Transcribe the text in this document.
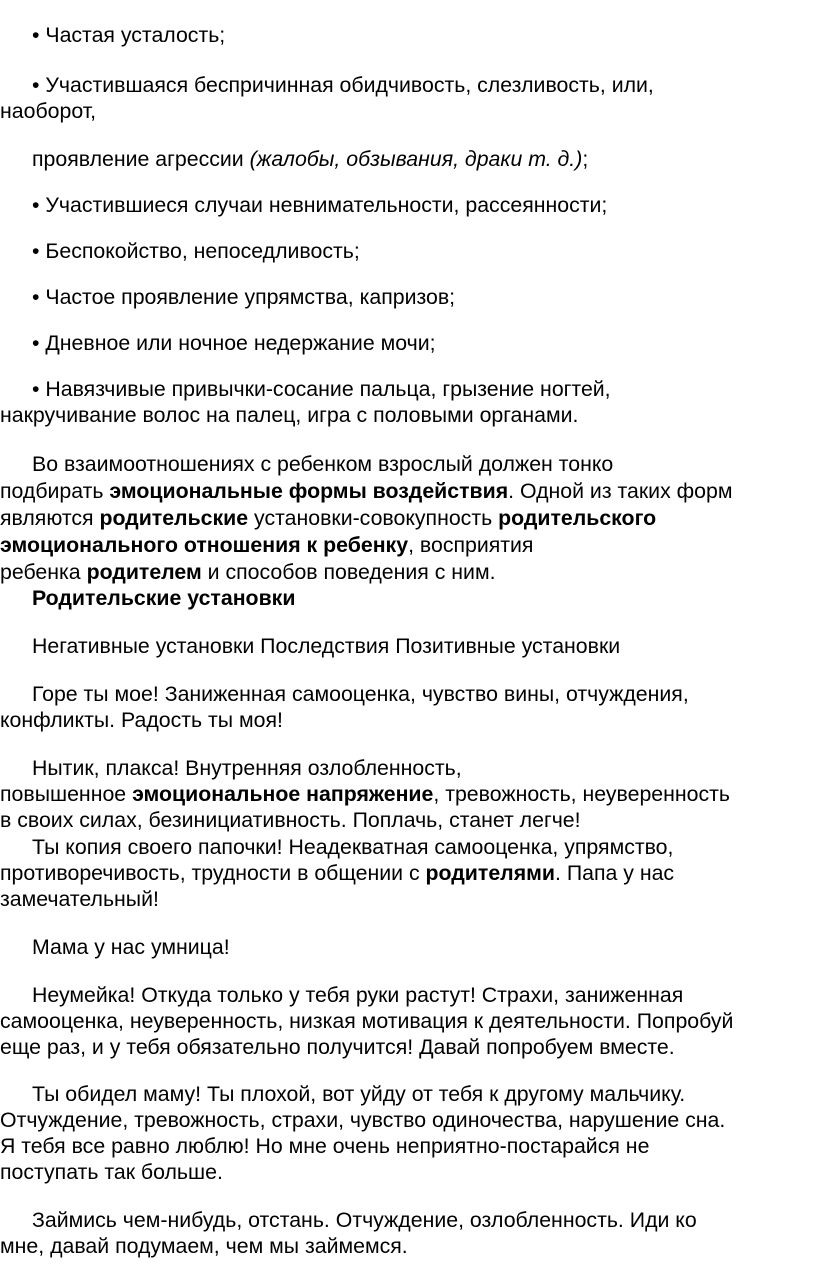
• Частая усталость;
• Участившаяся беспричинная обидчивость, слезливость, или,
наоборот,
проявление агрессии (жалобы, обзывания, драки т. д.);
• Участившиеся случаи невнимательности, рассеянности;
• Беспокойство, непоседливость;
• Частое проявление упрямства, капризов;
• Дневное или ночное недержание мочи;
• Навязчивые привычки-сосание пальца, грызение ногтей,
накручивание волос на палец, игра с половыми органами.
Во взаимоотношениях с ребенком взрослый должен тонко
подбирать эмоциональные формы воздействия. Одной из таких форм
являются родительские установки-совокупность родительского
эмоционального отношения к ребенку, восприятия
ребенка родителем и способов поведения с ним.
Родительские установки
Негативные установки Последствия Позитивные установки
Горе ты мое! Заниженная самооценка, чувство вины, отчуждения,
конфликты. Радость ты моя!
Нытик, плакса! Внутренняя озлобленность,
повышенное эмоциональное напряжение, тревожность, неуверенность
в своих силах, безинициативность. Поплачь, станет легче!
Ты копия своего папочки! Неадекватная самооценка, упрямство,
противоречивость, трудности в общении с родителями. Папа у нас
замечательный!
Мама у нас умница!
Неумейка! Откуда только у тебя руки растут! Страхи, заниженная
самооценка, неуверенность, низкая мотивация к деятельности. Попробуй
еще раз, и у тебя обязательно получится! Давай попробуем вместе.
Ты обидел маму! Ты плохой, вот уйду от тебя к другому мальчику.
Отчуждение, тревожность, страхи, чувство одиночества, нарушение сна.
Я тебя все равно люблю! Но мне очень неприятно-постарайся не
поступать так больше.
Займись чем-нибудь, отстань. Отчуждение, озлобленность. Иди ко
мне, давай подумаем, чем мы займемся.
